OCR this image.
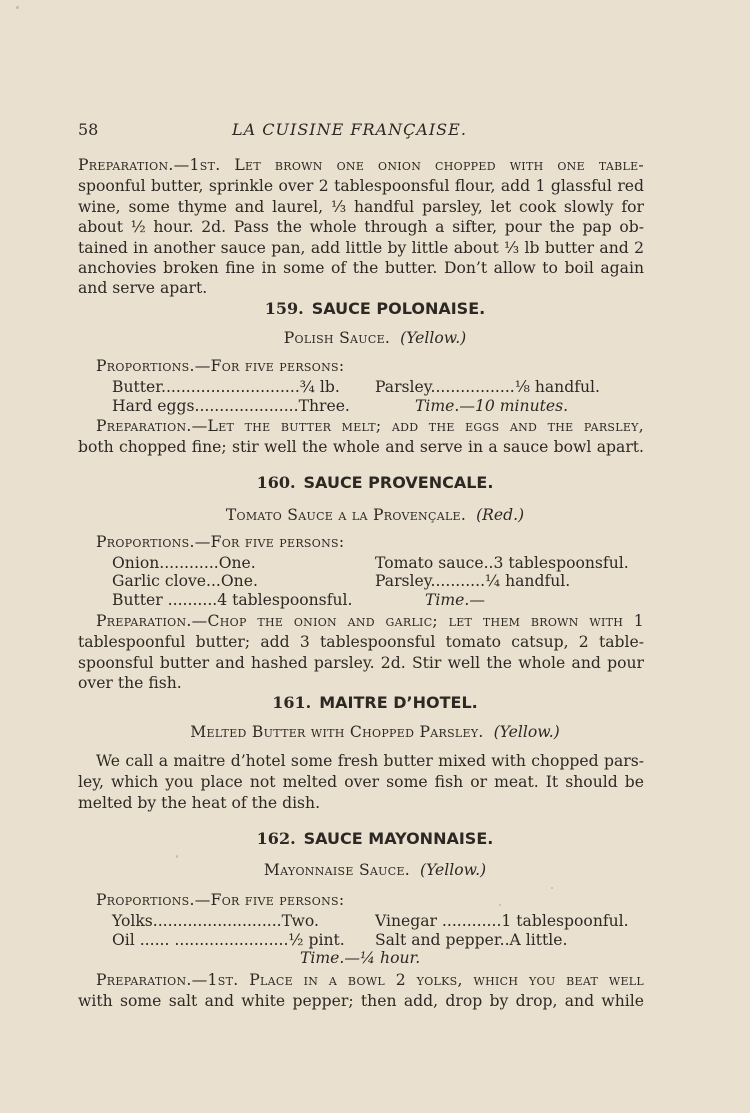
58	LA CUISINE FRANÇAISE.
Preparation.—1st. Let brown one onion chopped with one table-
spoonful butter, sprinkle over 2 tablespoonsful flour, add 1 glassful red
wine, some thyme and laurel, ⅓ handful parsley, let cook slowly for
about ½ hour. 2d. Pass the whole through a sifter, pour the pap ob-
tained in another sauce pan, add little by little about ⅓ lb butter and 2
anchovies broken fine in some of the butter. Don’t allow to boil again
and serve apart.
159. SAUCE POLONAISE.
Polish Sauce. (Yellow.)
Proportions.—For five persons:
Butter............................¾ lb.
Hard eggs.....................Three.
Parsley.................⅛ handful.
Time.—10 minutes.
Preparation.—Let the butter melt; add the eggs and the parsley,
both chopped fine; stir well the whole and serve in a sauce bowl apart.
160. SAUCE PROVENCALE.
Tomato Sauce a la Provençale. (Red.)
Proportions.—For five persons:
Onion............One.
Garlic clove...One.
Butter ..........4 tablespoonsful.
Tomato sauce..3 tablespoonsful.
Parsley...........¼ handful.
Time.—
Preparation.—Chop the onion and garlic; let them brown with 1
tablespoonful butter; add 3 tablespoonsful tomato catsup, 2 table-
spoonsful butter and hashed parsley. 2d. Stir well the whole and pour
over the fish.
161. MAITRE D’HOTEL.
Melted Butter with Chopped Parsley. (Yellow.)
We call a maitre d’hotel some fresh butter mixed with chopped pars-
ley, which you place not melted over some fish or meat. It should be
melted by the heat of the dish.
162. SAUCE MAYONNAISE.
Mayonnaise Sauce. (Yellow.)
Proportions.—For five persons:
Yolks..........................Two.
Oil ...... .......................½ pint.
Vinegar ............1 tablespoonful.
Salt and pepper..A little.
Time.—¼ hour.
Preparation.—1st. Place in a bowl 2 yolks, which you beat well
with some salt and white pepper; then add, drop by drop, and while
